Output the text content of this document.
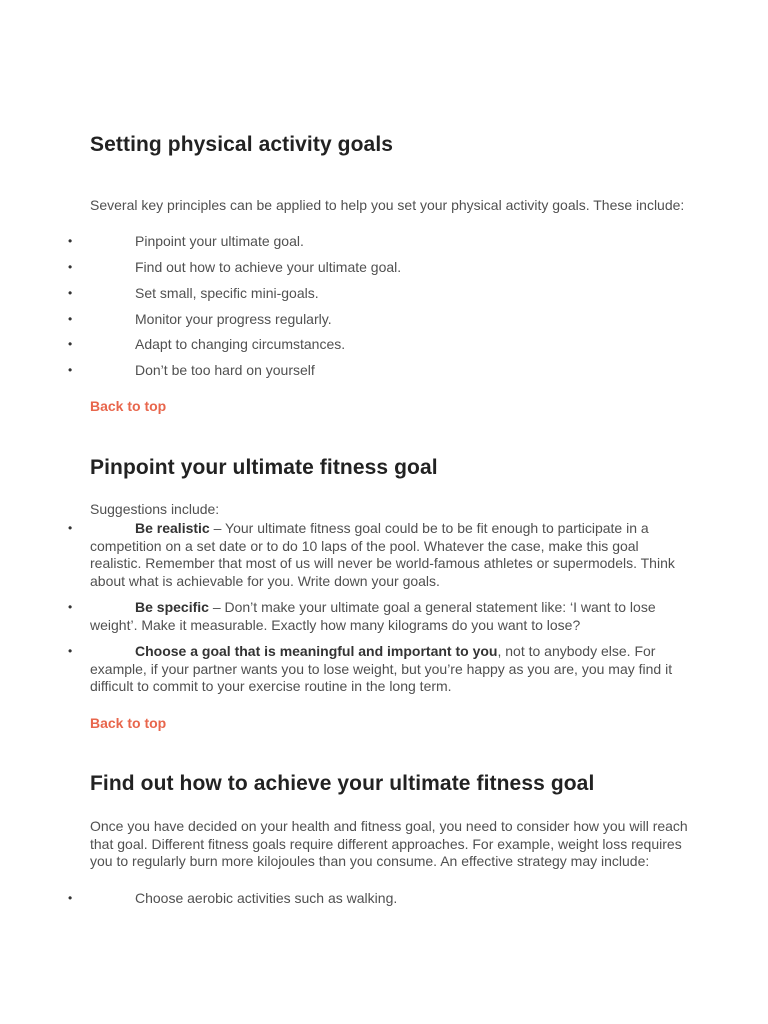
Setting physical activity goals

Several key principles can be applied to help you set your physical activity goals. These include:

•	Pinpoint your ultimate goal.
•	Find out how to achieve your ultimate goal.
•	Set small, specific mini-goals.
•	Monitor your progress regularly.
•	Adapt to changing circumstances.
•	Don’t be too hard on yourself
Back to top
Pinpoint your ultimate fitness goal

Suggestions include:

•	Be realistic – Your ultimate fitness goal could be to be fit enough to participate in a competition on a set date or to do 10 laps of the pool. Whatever the case, make this goal realistic. Remember that most of us will never be world-famous athletes or supermodels. Think about what is achievable for you. Write down your goals.
•	Be specific – Don’t make your ultimate goal a general statement like: ‘I want to lose weight’. Make it measurable. Exactly how many kilograms do you want to lose?
•	Choose a goal that is meaningful and important to you, not to anybody else. For example, if your partner wants you to lose weight, but you’re happy as you are, you may find it difficult to commit to your exercise routine in the long term.
Back to top
Find out how to achieve your ultimate fitness goal

Once you have decided on your health and fitness goal, you need to consider how you will reach that goal. Different fitness goals require different approaches. For example, weight loss requires you to regularly burn more kilojoules than you consume. An effective strategy may include:

•	Choose aerobic activities such as walking.
